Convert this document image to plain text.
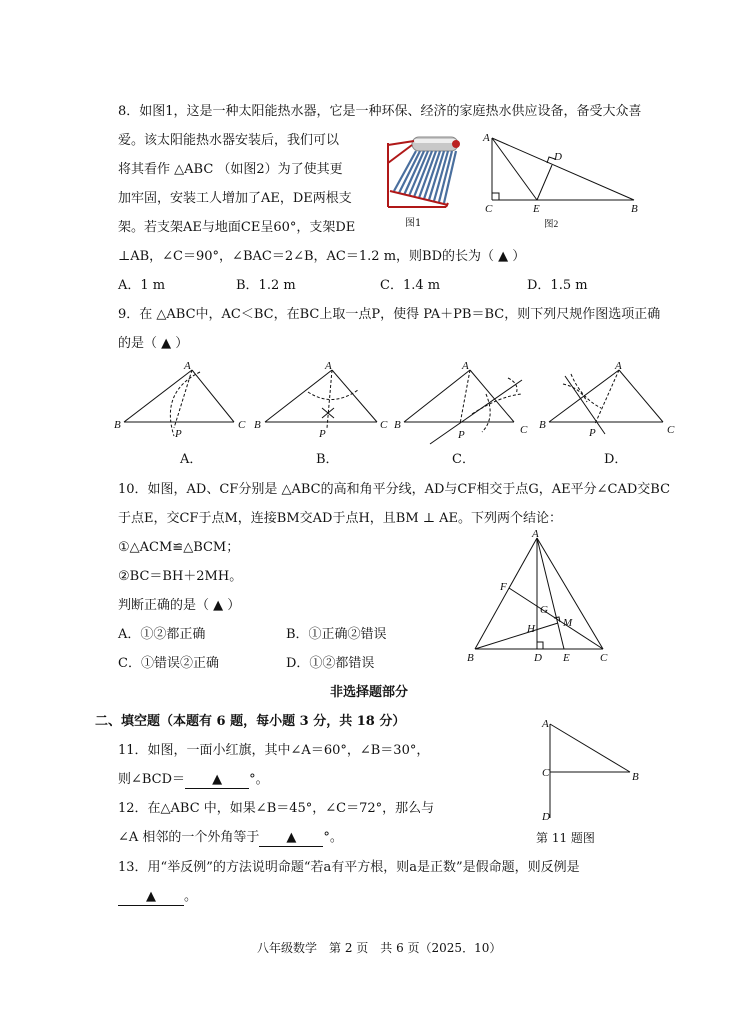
8．如图1，这是一种太阳能热水器，它是一种环保、经济的家庭热水供应设备，备受大众喜
爱。该太阳能热水器安装后，我们可以
将其看作 △ABC （如图2）为了使其更
加牢固，安装工人增加了AE，DE两根支
架。若支架AE与地面CE呈60°，支架DE
⊥AB，∠C＝90°，∠BAC＝2∠B，AC＝1.2 m，则BD的长为（ ▲ ）
A．1 m	B．1.2 m	C．1.4 m	D．1.5 m
图1
A
C	E	B
D
图2
9．在 △ABC中，AC＜BC，在BC上取一点P，使得 PA＋PB＝BC，则下列尺规作图选项正确
的是（ ▲ ）
A
B	C
P
A．
A
B	C
P
B．
A
B	C
P
C．
A
B	C
P
D．
10．如图，AD、CF分别是 △ABC的高和角平分线，AD与CF相交于点G，AE平分∠CAD交BC
于点E，交CF于点M，连接BM交AD于点H，且BM ⊥ AE。下列两个结论：
①△ACM≌△BCM；
②BC＝BH＋2MH。
判断正确的是（ ▲ ）
A．①②都正确	B．①正确②错误
C．①错误②正确	D．①②都错误
A
B	C
D E
F
G
H	M
非选择题部分
二、填空题（本题有 6 题，每小题 3 分，共 18 分）
11．如图，一面小红旗，其中∠A＝60°，∠B＝30°，
则∠BCD＝ ▲ °。
A
C	B
D
第 11 题图
12．在△ABC 中，如果∠B＝45°，∠C＝72°，那么与
∠A 相邻的一个外角等于 ▲ °。
13．用“举反例”的方法说明命题“若a有平方根，则a是正数”是假命题，则反例是
▲ 。
八年级数学　第 2 页　共 6 页（2025．10）
